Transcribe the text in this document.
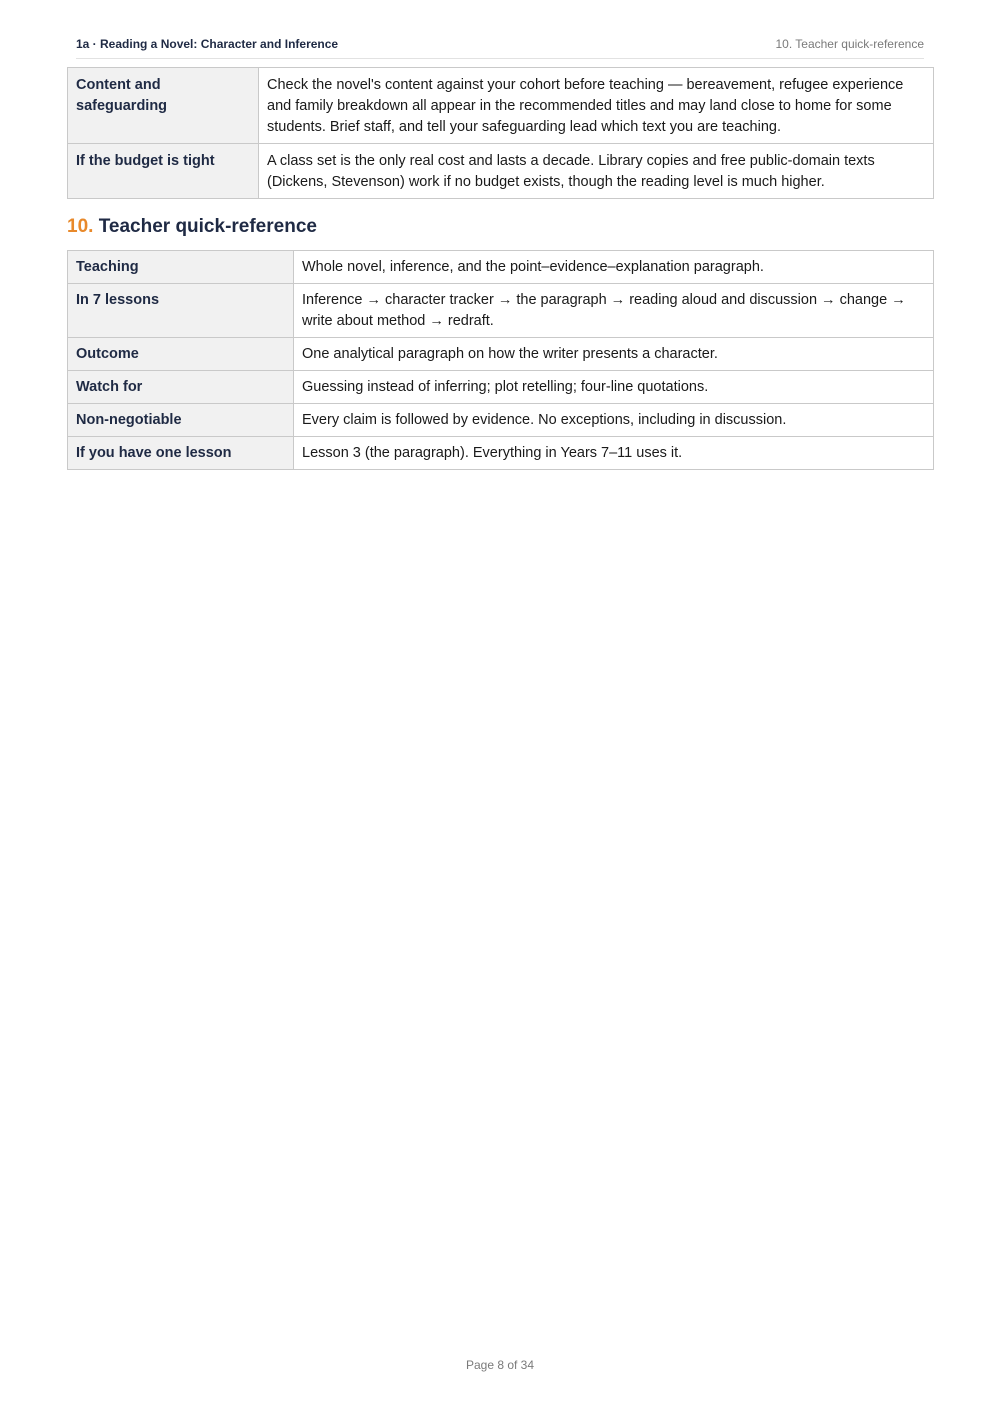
1a · Reading a Novel: Character and Inference	10. Teacher quick-reference
Content and safeguarding	Check the novel's content against your cohort before teaching — bereavement, refugee experience and family breakdown all appear in the recommended titles and may land close to home for some students. Brief staff, and tell your safeguarding lead which text you are teaching.
If the budget is tight	A class set is the only real cost and lasts a decade. Library copies and free public-domain texts (Dickens, Stevenson) work if no budget exists, though the reading level is much higher.
10. Teacher quick-reference
Teaching	Whole novel, inference, and the point–evidence–explanation paragraph.
In 7 lessons	Inference → character tracker → the paragraph → reading aloud and discussion → change → write about method → redraft.
Outcome	One analytical paragraph on how the writer presents a character.
Watch for	Guessing instead of inferring; plot retelling; four-line quotations.
Non-negotiable	Every claim is followed by evidence. No exceptions, including in discussion.
If you have one lesson	Lesson 3 (the paragraph). Everything in Years 7–11 uses it.
Page 8 of 34
